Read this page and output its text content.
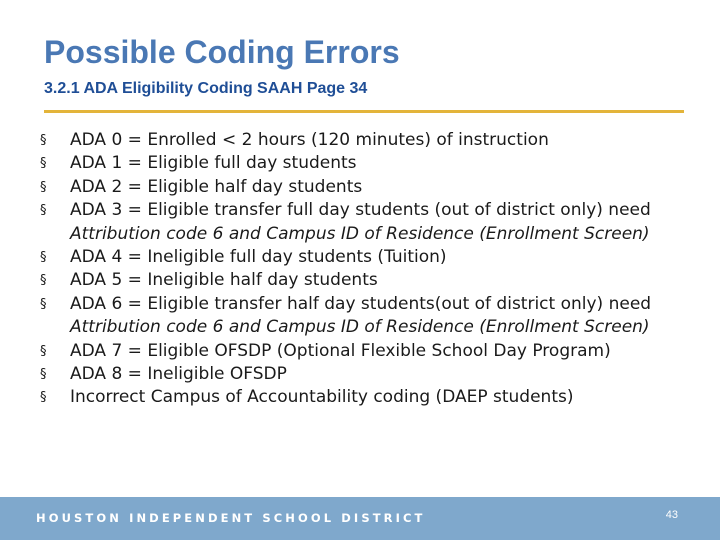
Possible Coding Errors
3.2.1 ADA Eligibility Coding SAAH Page 34
§	ADA 0 = Enrolled < 2 hours (120 minutes) of instruction
§	ADA 1 = Eligible full day students
§	ADA 2 = Eligible half day students
§	ADA 3 = Eligible transfer full day students (out of district only) need
Attribution code 6 and Campus ID of Residence (Enrollment Screen)
§	ADA 4 = Ineligible full day students (Tuition)
§	ADA 5 = Ineligible half day students
§	ADA 6 = Eligible transfer half day students(out of district only) need
Attribution code 6 and Campus ID of Residence (Enrollment Screen)
§	ADA 7 = Eligible OFSDP (Optional Flexible School Day Program)
§	ADA 8 = Ineligible OFSDP
§	Incorrect Campus of Accountability coding (DAEP students)
HOUSTON INDEPENDENT SCHOOL DISTRICT	43
